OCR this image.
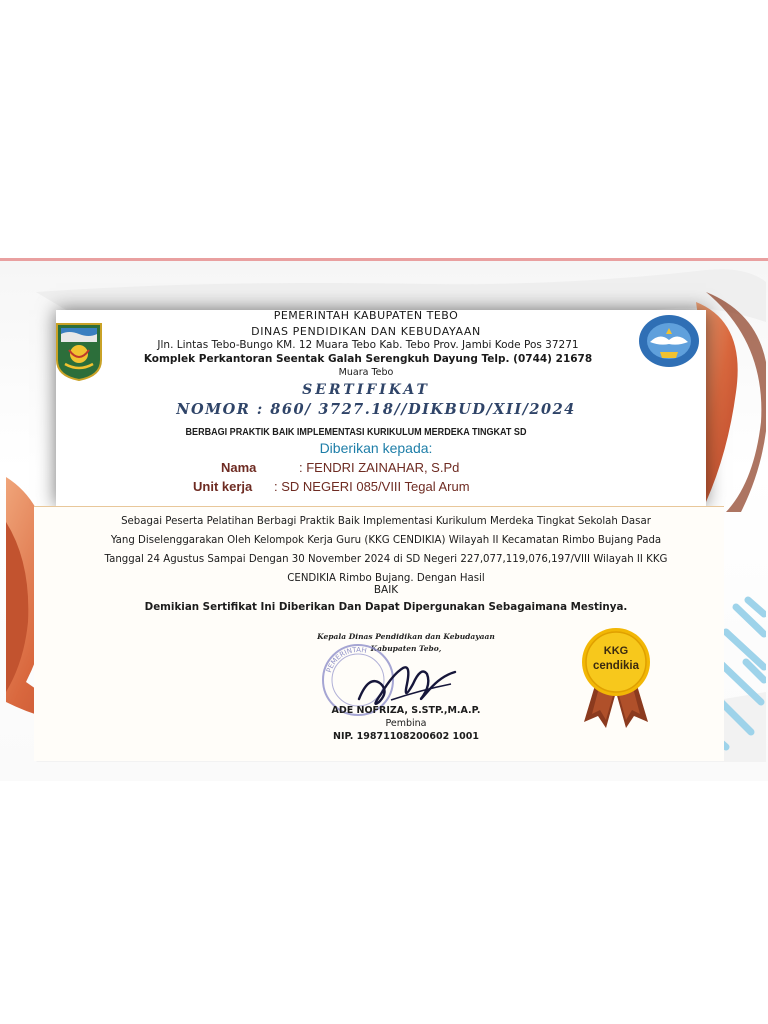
PEMERINTAH KABUPATEN TEBO
DINAS PENDIDIKAN DAN KEBUDAYAAN
Jln. Lintas Tebo-Bungo KM. 12 Muara Tebo Kab. Tebo Prov. Jambi Kode Pos 37271
Komplek Perkantoran Seentak Galah Serengkuh Dayung Telp. (0744) 21678
Muara Tebo
SERTIFIKAT
NOMOR : 860/ 3727.18//DIKBUD/XII/2024
BERBAGI PRAKTIK BAIK IMPLEMENTASI KURIKULUM MERDEKA TINGKAT SD
Diberikan kepada:
Nama	: FENDRI ZAINAHAR, S.Pd
Unit kerja : SD NEGERI 085/VIII Tegal Arum
Sebagai Peserta Pelatihan Berbagi Praktik Baik Implementasi Kurikulum Merdeka Tingkat Sekolah Dasar
Yang Diselenggarakan Oleh Kelompok Kerja Guru (KKG CENDIKIA) Wilayah II Kecamatan Rimbo Bujang Pada
Tanggal 24 Agustus Sampai Dengan 30 November 2024 di SD Negeri 227,077,119,076,197/VIII Wilayah II KKG
CENDIKIA Rimbo Bujang. Dengan Hasil
BAIK
Demikian Sertifikat Ini Diberikan Dan Dapat Dipergunakan Sebagaimana Mestinya.
Kepala Dinas Pendidikan dan Kebudayaan
Kabupaten Tebo,
PEMERINTAH
ADE NOFRIZA, S.STP.,M.A.P.
Pembina
NIP. 19871108200602 1001
KKG
cendikia
